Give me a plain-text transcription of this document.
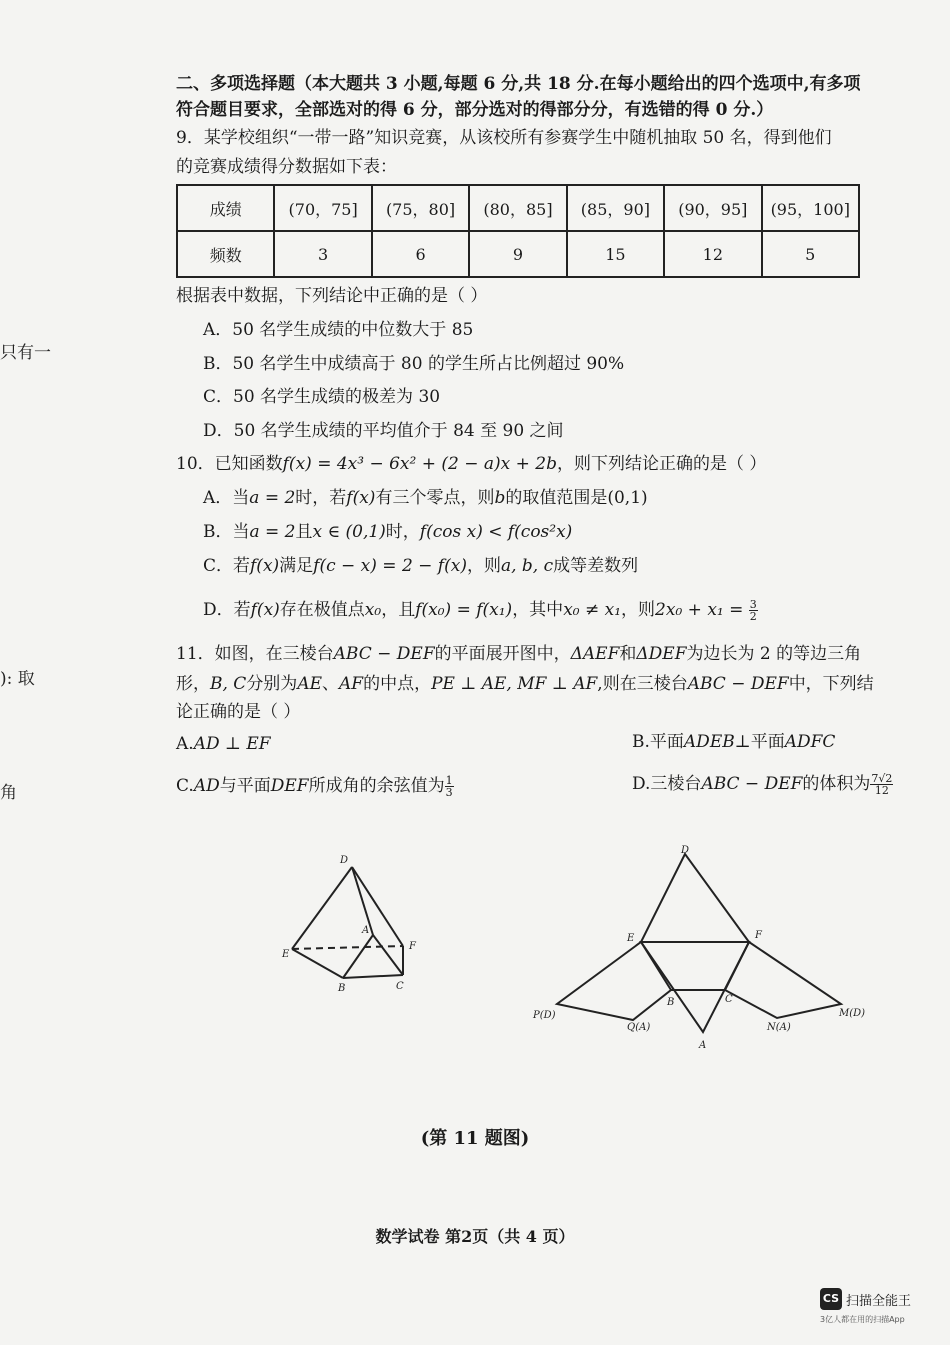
只有一
): 取
角
二、多项选择题（本大题共 3 小题,每题 6 分,共 18 分.在每小题给出的四个选项中,有多项
符合题目要求，全部选对的得 6 分，部分选对的得部分分，有选错的得 0 分.）
9．某学校组织“一带一路”知识竞赛，从该校所有参赛学生中随机抽取 50 名，得到他们
的竞赛成绩得分数据如下表：
成绩	(70，75]	(75，80]	(80，85]	(85，90]	(90，95]	(95，100]
频数	3	6	9	15	12	5
根据表中数据，下列结论中正确的是（ ）
A．50 名学生成绩的中位数大于 85
B．50 名学生中成绩高于 80 的学生所占比例超过 90%
C．50 名学生成绩的极差为 30
D．50 名学生成绩的平均值介于 84 至 90 之间
10．已知函数f(x) = 4x³ − 6x² + (2 − a)x + 2b，则下列结论正确的是（ ）
A．当a = 2时，若f(x)有三个零点，则b的取值范围是(0,1)
B．当a = 2且x ∈ (0,1)时，f(cos x) < f(cos²x)
C．若f(x)满足f(c − x) = 2 − f(x)，则a, b, c成等差数列
D．若f(x)存在极值点x₀，且f(x₀) = f(x₁)，其中x₀ ≠ x₁，则$2x_0 + x_1 = \frac{3}{2}$
11．如图，在三棱台ABC − DEF的平面展开图中，ΔAEF和ΔDEF为边长为 2 的等边三角
形，B, C分别为AE、AF的中点，PE ⊥ AE, MF ⊥ AF,则在三棱台ABC − DEF中，下列结
论正确的是（ ）
A.AD ⊥ EF	B.平面ADEB⊥平面ADFC
C.AD与平面DEF所成角的余弦值为 $\frac{1}{3}$	D.三棱台ABC − DEF的体积为 $\frac{7√2}{12}$
D
A
E
F
B	C
D
E	F
B	C
A
P(D)
Q(A)	N(A)
M(D)
(第 11 题图)
数学试卷 第2页（共 4 页）
CS 扫描全能王
3亿人都在用的扫描App
